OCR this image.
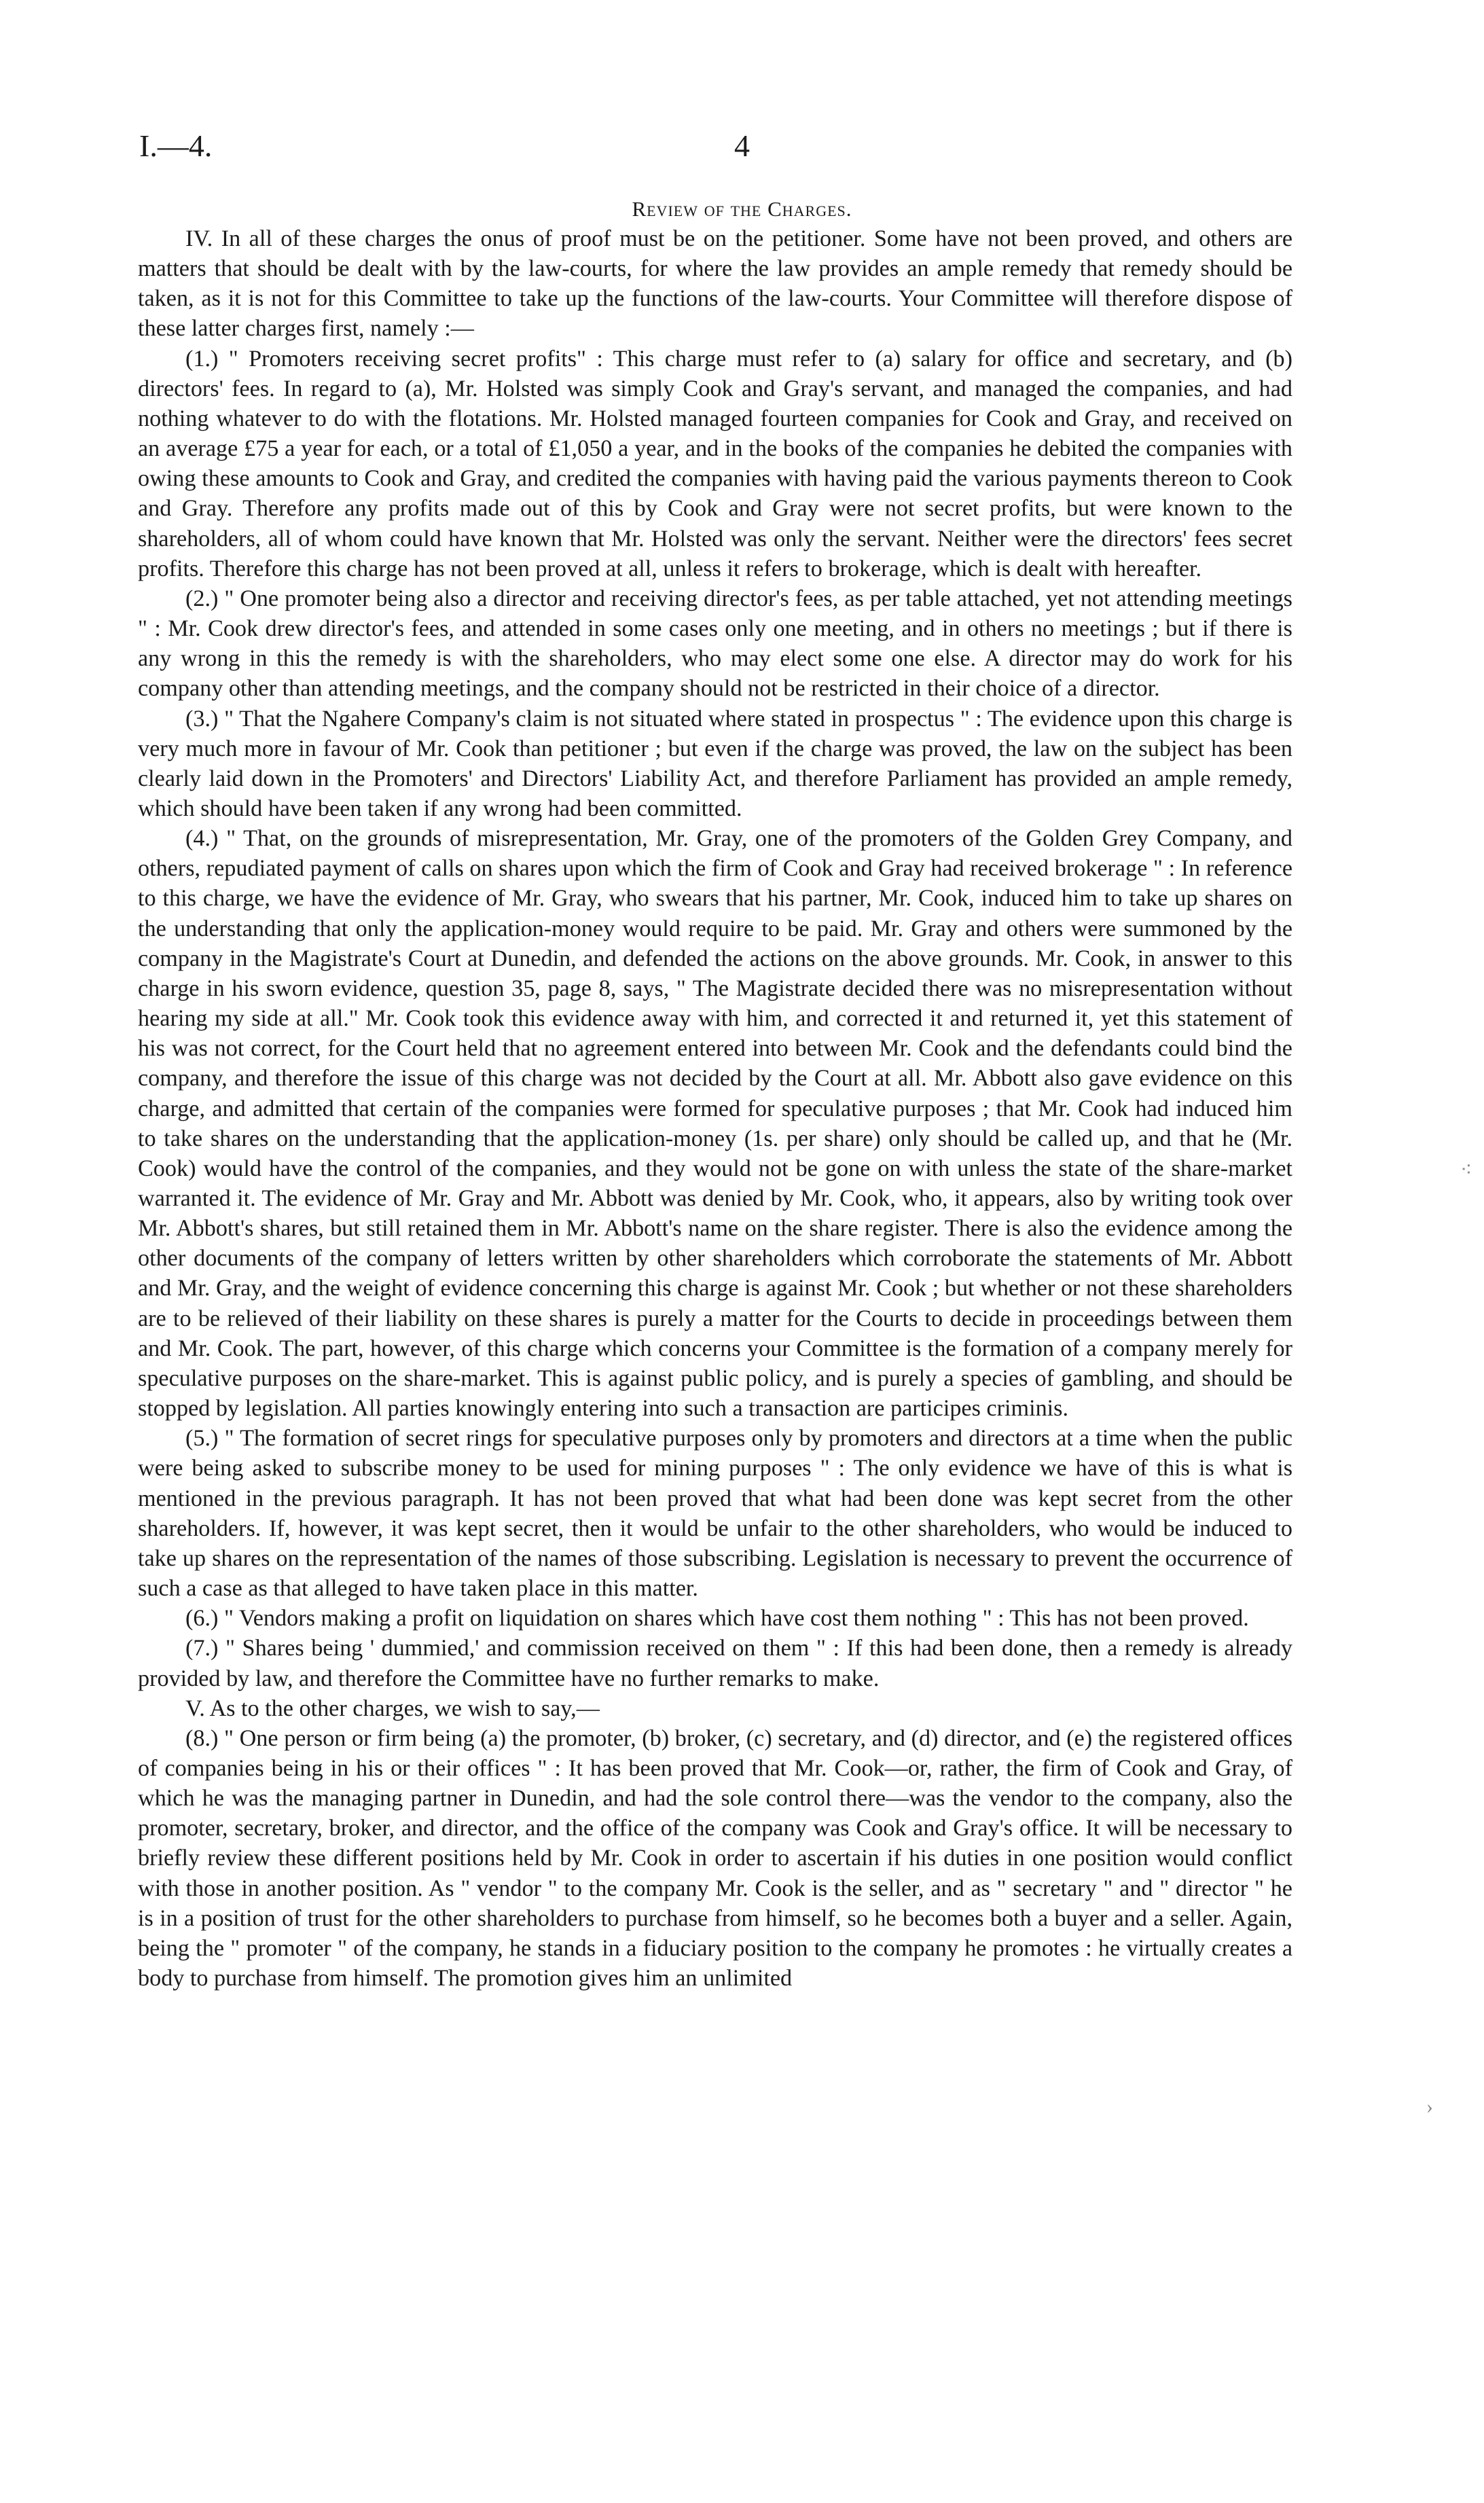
I.—4.	4
Review of the Charges.

IV. In all of these charges the onus of proof must be on the petitioner. Some have not been proved, and others are matters that should be dealt with by the law-courts, for where the law provides an ample remedy that remedy should be taken, as it is not for this Committee to take up the functions of the law-courts. Your Committee will therefore dispose of these latter charges first, namely :—

(1.) " Promoters receiving secret profits" : This charge must refer to (a) salary for office and secretary, and (b) directors' fees. In regard to (a), Mr. Holsted was simply Cook and Gray's servant, and managed the companies, and had nothing whatever to do with the flotations. Mr. Holsted managed fourteen companies for Cook and Gray, and received on an average £75 a year for each, or a total of £1,050 a year, and in the books of the companies he debited the companies with owing these amounts to Cook and Gray, and credited the companies with having paid the various payments thereon to Cook and Gray. Therefore any profits made out of this by Cook and Gray were not secret profits, but were known to the shareholders, all of whom could have known that Mr. Holsted was only the servant. Neither were the directors' fees secret profits. Therefore this charge has not been proved at all, unless it refers to brokerage, which is dealt with hereafter.

(2.) " One promoter being also a director and receiving director's fees, as per table attached, yet not attending meetings " : Mr. Cook drew director's fees, and attended in some cases only one meeting, and in others no meetings ; but if there is any wrong in this the remedy is with the shareholders, who may elect some one else. A director may do work for his company other than attending meetings, and the company should not be restricted in their choice of a director.

(3.) " That the Ngahere Company's claim is not situated where stated in prospectus " : The evidence upon this charge is very much more in favour of Mr. Cook than petitioner ; but even if the charge was proved, the law on the subject has been clearly laid down in the Promoters' and Directors' Liability Act, and therefore Parliament has provided an ample remedy, which should have been taken if any wrong had been committed.

(4.) " That, on the grounds of misrepresentation, Mr. Gray, one of the promoters of the Golden Grey Company, and others, repudiated payment of calls on shares upon which the firm of Cook and Gray had received brokerage " : In reference to this charge, we have the evidence of Mr. Gray, who swears that his partner, Mr. Cook, induced him to take up shares on the understanding that only the application-money would require to be paid. Mr. Gray and others were summoned by the company in the Magistrate's Court at Dunedin, and defended the actions on the above grounds. Mr. Cook, in answer to this charge in his sworn evidence, question 35, page 8, says, " The Magistrate decided there was no misrepresentation without hearing my side at all." Mr. Cook took this evidence away with him, and corrected it and returned it, yet this statement of his was not correct, for the Court held that no agreement entered into between Mr. Cook and the defendants could bind the company, and therefore the issue of this charge was not decided by the Court at all. Mr. Abbott also gave evidence on this charge, and admitted that certain of the companies were formed for speculative purposes ; that Mr. Cook had induced him to take shares on the understanding that the application-money (1s. per share) only should be called up, and that he (Mr. Cook) would have the control of the companies, and they would not be gone on with unless the state of the share-market warranted it. The evidence of Mr. Gray and Mr. Abbott was denied by Mr. Cook, who, it appears, also by writing took over Mr. Abbott's shares, but still retained them in Mr. Abbott's name on the share register. There is also the evidence among the other documents of the company of letters written by other shareholders which corroborate the statements of Mr. Abbott and Mr. Gray, and the weight of evidence concerning this charge is against Mr. Cook ; but whether or not these shareholders are to be relieved of their liability on these shares is purely a matter for the Courts to decide in proceedings between them and Mr. Cook. The part, however, of this charge which concerns your Committee is the formation of a company merely for speculative purposes on the share-market. This is against public policy, and is purely a species of gambling, and should be stopped by legislation. All parties knowingly entering into such a transaction are participes criminis.

(5.) " The formation of secret rings for speculative purposes only by promoters and directors at a time when the public were being asked to subscribe money to be used for mining purposes " : The only evidence we have of this is what is mentioned in the previous paragraph. It has not been proved that what had been done was kept secret from the other shareholders. If, however, it was kept secret, then it would be unfair to the other shareholders, who would be induced to take up shares on the representation of the names of those subscribing. Legislation is necessary to prevent the occurrence of such a case as that alleged to have taken place in this matter.

(6.) " Vendors making a profit on liquidation on shares which have cost them nothing " : This has not been proved.

(7.) " Shares being ' dummied,' and commission received on them " : If this had been done, then a remedy is already provided by law, and therefore the Committee have no further remarks to make.

V. As to the other charges, we wish to say,—

(8.) " One person or firm being (a) the promoter, (b) broker, (c) secretary, and (d) director, and (e) the registered offices of companies being in his or their offices " : It has been proved that Mr. Cook—or, rather, the firm of Cook and Gray, of which he was the managing partner in Dunedin, and had the sole control there—was the vendor to the company, also the promoter, secretary, broker, and director, and the office of the company was Cook and Gray's office. It will be necessary to briefly review these different positions held by Mr. Cook in order to ascertain if his duties in one position would conflict with those in another position. As " vendor " to the company Mr. Cook is the seller, and as " secretary " and " director " he is in a position of trust for the other shareholders to purchase from himself, so he becomes both a buyer and a seller. Again, being the " promoter " of the company, he stands in a fiduciary position to the company he promotes : he virtually creates a body to purchase from himself. The promotion gives him an unlimited

⁖
›
